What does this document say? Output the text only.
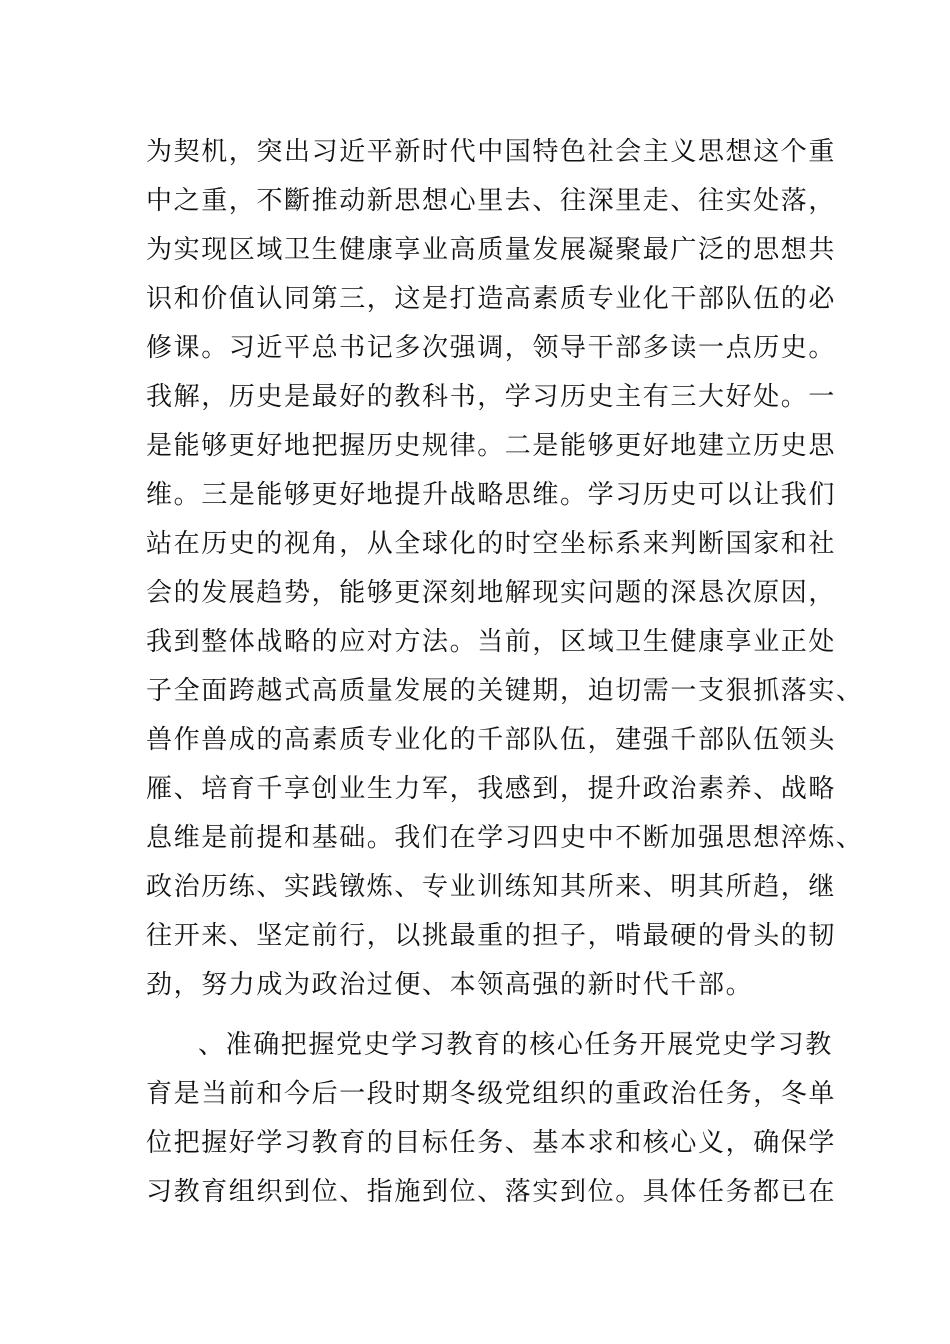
为契机，突出习近平新时代中国特色社会主义思想这个重
中之重，不斷推动新思想心里去、往深里走、往实处落，
为实现区域卫生健康享业高质量发展凝聚最广泛的思想共
识和价值认同第三，这是打造高素质专业化干部队伍的必
修课。习近平总书记多次强调，领导干部多读一点历史。
我解，历史是最好的教科书，学习历史主有三大好处。一
是能够更好地把握历史规律。二是能够更好地建立历史思
维。三是能够更好地提升战略思维。学习历史可以让我们
站在历史的视角，从全球化的时空坐标系来判断国家和社
会的发展趋势，能够更深刻地解现实问题的深恳次原因，
我到整体战略的应对方法。当前，区域卫生健康享业正处
子全面跨越式高质量发展的关键期，迫切需一支狠抓落实、
兽作兽成的高素质专业化的千部队伍，建强千部队伍领头
雁、培育千享创业生力军，我感到，提升政治素养、战略
息维是前提和基础。我们在学习四史中不断加强思想淬炼、
政治历练、实践镦炼、专业训练知其所来、明其所趋，继
往开来、坚定前行，以挑最重的担子，啃最硬的骨头的韧
劲，努力成为政治过便、本领高强的新时代千部。
、准确把握党史学习教育的核心任务开展党史学习教
育是当前和今后一段时期冬级党组织的重政治任务，冬单
位把握好学习教育的目标任务、基本求和核心义，确保学
习教育组织到位、指施到位、落实到位。具体任务都已在
